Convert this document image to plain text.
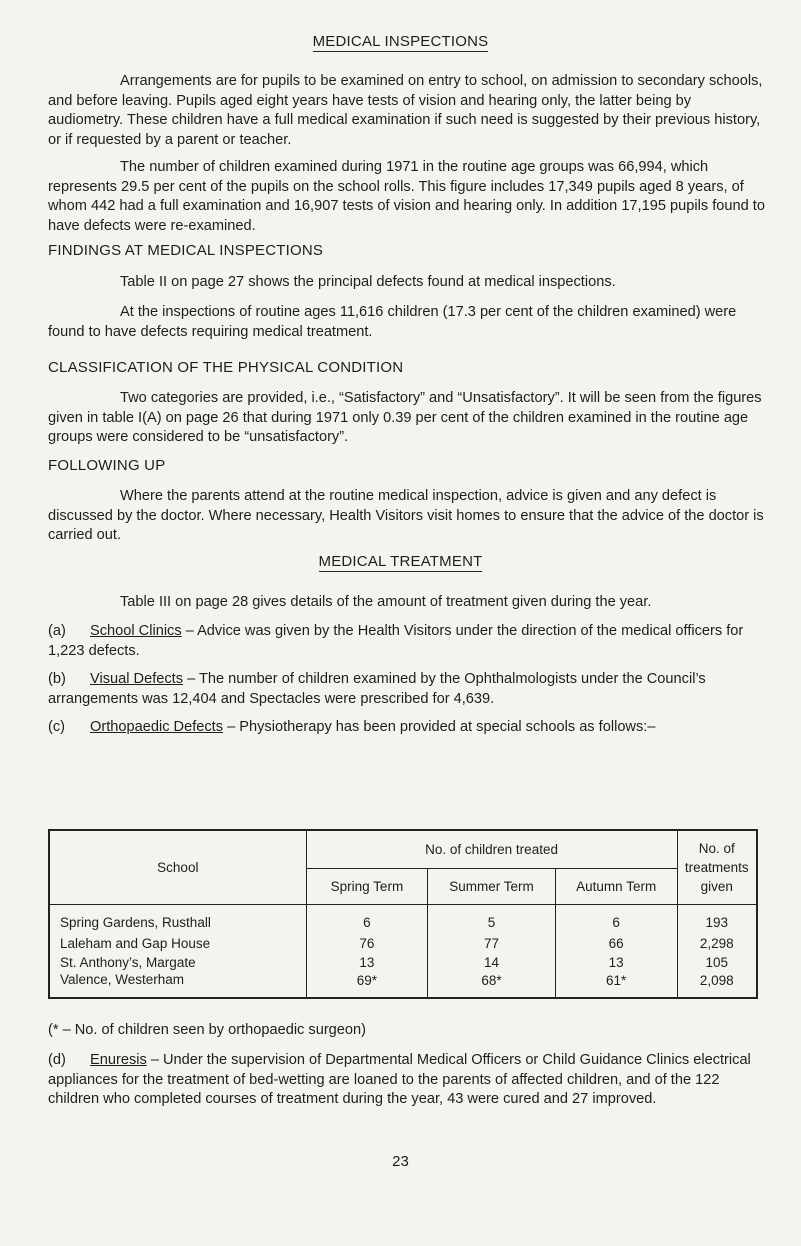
MEDICAL INSPECTIONS
Arrangements are for pupils to be examined on entry to school, on admission to secondary schools, and before leaving. Pupils aged eight years have tests of vision and hearing only, the latter being by audiometry. These children have a full medical examination if such need is suggested by their previous history, or if requested by a parent or teacher.
The number of children examined during 1971 in the routine age groups was 66,994, which represents 29.5 per cent of the pupils on the school rolls. This figure includes 17,349 pupils aged 8 years, of whom 442 had a full examination and 16,907 tests of vision and hearing only. In addition 17,195 pupils found to have defects were re-examined.
FINDINGS AT MEDICAL INSPECTIONS
Table II on page 27 shows the principal defects found at medical inspections.
At the inspections of routine ages 11,616 children (17.3 per cent of the children examined) were found to have defects requiring medical treatment.
CLASSIFICATION OF THE PHYSICAL CONDITION
Two categories are provided, i.e., “Satisfactory” and “Unsatisfactory”. It will be seen from the figures given in table I(A) on page 26 that during 1971 only 0.39 per cent of the children examined in the routine age groups were considered to be “unsatisfactory”.
FOLLOWING UP
Where the parents attend at the routine medical inspection, advice is given and any defect is discussed by the doctor. Where necessary, Health Visitors visit homes to ensure that the advice of the doctor is carried out.
MEDICAL TREATMENT
Table III on page 28 gives details of the amount of treatment given during the year.
(a) School Clinics – Advice was given by the Health Visitors under the direction of the medical officers for 1,223 defects.
(b) Visual Defects – The number of children examined by the Ophthalmologists under the Council’s arrangements was 12,404 and Spectacles were prescribed for 4,639.
(c) Orthopaedic Defects – Physiotherapy has been provided at special schools as follows:–
School	No. of children treated			No. of treatments given
	Spring Term	Summer Term	Autumn Term	
Spring Gardens, Rusthall	6	5	6	193
Laleham and Gap House	76	77	66	2,298
St. Anthony’s, Margate	13	14	13	105
Valence, Westerham	69*	68*	61*	2,098
(* – No. of children seen by orthopaedic surgeon)
(d) Enuresis – Under the supervision of Departmental Medical Officers or Child Guidance Clinics electrical appliances for the treatment of bed-wetting are loaned to the parents of affected children, and of the 122 children who completed courses of treatment during the year, 43 were cured and 27 improved.
23
